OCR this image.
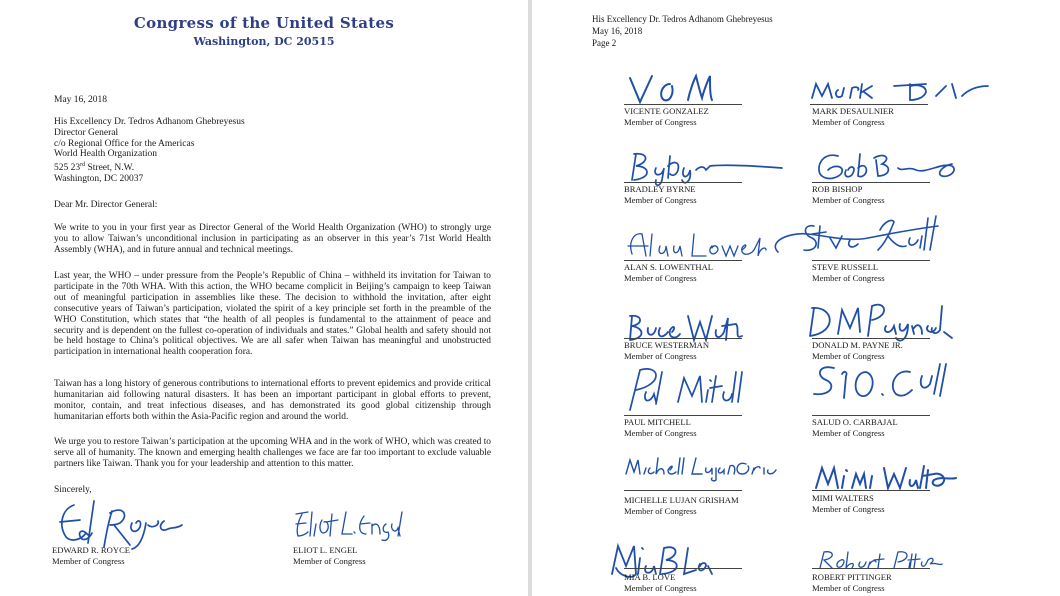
Congress of the United States
Washington, DC 20515
May 16, 2018
His Excellency Dr. Tedros Adhanom Ghebreyesus
Director General
c/o Regional Office for the Americas
World Health Organization
525 23rd Street, N.W.
Washington, DC 20037
Dear Mr. Director General:
We write to you in your first year as Director General of the World Health Organization (WHO) to strongly urge you to allow Taiwan’s unconditional inclusion in participating as an observer in this year’s 71st World Health Assembly (WHA), and in future annual and technical meetings.
Last year, the WHO – under pressure from the People’s Republic of China – withheld its invitation for Taiwan to participate in the 70th WHA. With this action, the WHO became complicit in Beijing’s campaign to keep Taiwan out of meaningful participation in assemblies like these. The decision to withhold the invitation, after eight consecutive years of Taiwan’s participation, violated the spirit of a key principle set forth in the preamble of the WHO Constitution, which states that “the health of all peoples is fundamental to the attainment of peace and security and is dependent on the fullest co-operation of individuals and states.” Global health and safety should not be held hostage to China’s political objectives. We are all safer when Taiwan has meaningful and unobstructed participation in international health cooperation fora.
Taiwan has a long history of generous contributions to international efforts to prevent epidemics and provide critical humanitarian aid following natural disasters. It has been an important participant in global efforts to prevent, monitor, contain, and treat infectious diseases, and has demonstrated its good global citizenship through humanitarian efforts both within the Asia-Pacific region and around the world.
We urge you to restore Taiwan’s participation at the upcoming WHA and in the work of WHO, which was created to serve all of humanity. The known and emerging health challenges we face are far too important to exclude valuable partners like Taiwan. Thank you for your leadership and attention to this matter.
Sincerely,
EDWARD R. ROYCE
Member of Congress
ELIOT L. ENGEL
Member of Congress
His Excellency Dr. Tedros Adhanom Ghebreyesus
May 16, 2018
Page 2
VICENTE GONZALEZ
Member of Congress
MARK DESAULNIER
Member of Congress
BRADLEY BYRNE
Member of Congress
ROB BISHOP
Member of Congress
ALAN S. LOWENTHAL
Member of Congress
STEVE RUSSELL
Member of Congress
BRUCE WESTERMAN
Member of Congress
DONALD M. PAYNE JR.
Member of Congress
PAUL MITCHELL
Member of Congress
SALUD O. CARBAJAL
Member of Congress
MICHELLE LUJAN GRISHAM
Member of Congress
MIMI WALTERS
Member of Congress
MIA B. LOVE
Member of Congress
ROBERT PITTINGER
Member of Congress
